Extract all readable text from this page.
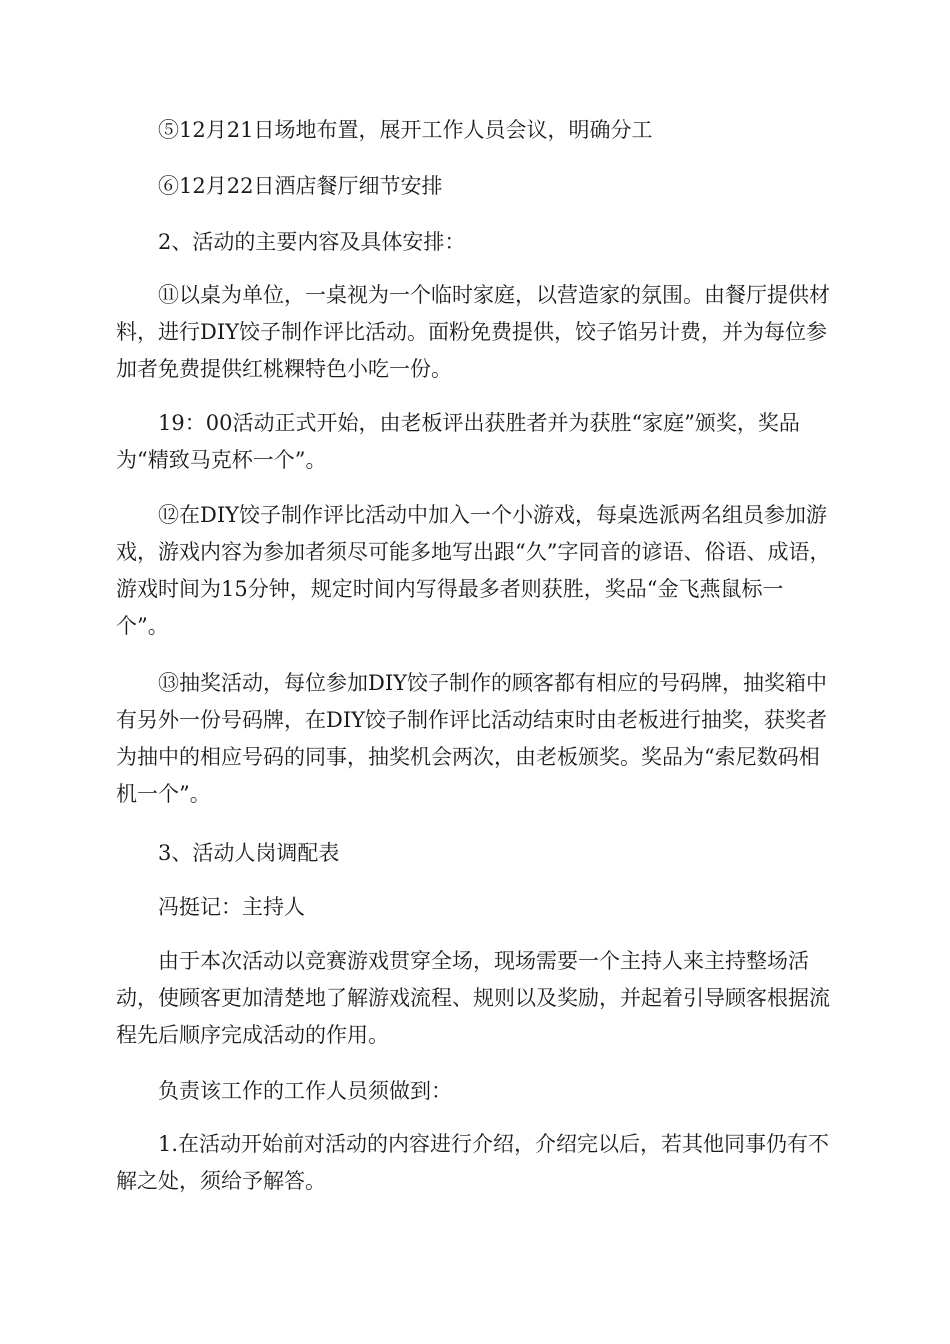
⑤12月21日场地布置，展开工作人员会议，明确分工

⑥12月22日酒店餐厅细节安排

2、活动的主要内容及具体安排：

⑪以桌为单位，一桌视为一个临时家庭，以营造家的氛围。由餐厅提供材料，进行DIY饺子制作评比活动。面粉免费提供，饺子馅另计费，并为每位参加者免费提供红桃粿特色小吃一份。

19：00活动正式开始，由老板评出获胜者并为获胜“家庭”颁奖，奖品为“精致马克杯一个”。

⑫在DIY饺子制作评比活动中加入一个小游戏，每桌选派两名组员参加游戏，游戏内容为参加者须尽可能多地写出跟“久”字同音的谚语、俗语、成语，游戏时间为15分钟，规定时间内写得最多者则获胜，奖品“金飞燕鼠标一个”。

⑬抽奖活动，每位参加DIY饺子制作的顾客都有相应的号码牌，抽奖箱中有另外一份号码牌，在DIY饺子制作评比活动结束时由老板进行抽奖，获奖者为抽中的相应号码的同事，抽奖机会两次，由老板颁奖。奖品为“索尼数码相机一个”。

3、活动人岗调配表

冯挺记：主持人

由于本次活动以竞赛游戏贯穿全场，现场需要一个主持人来主持整场活动，使顾客更加清楚地了解游戏流程、规则以及奖励，并起着引导顾客根据流程先后顺序完成活动的作用。

负责该工作的工作人员须做到：

1.在活动开始前对活动的内容进行介绍，介绍完以后，若其他同事仍有不解之处，须给予解答。
